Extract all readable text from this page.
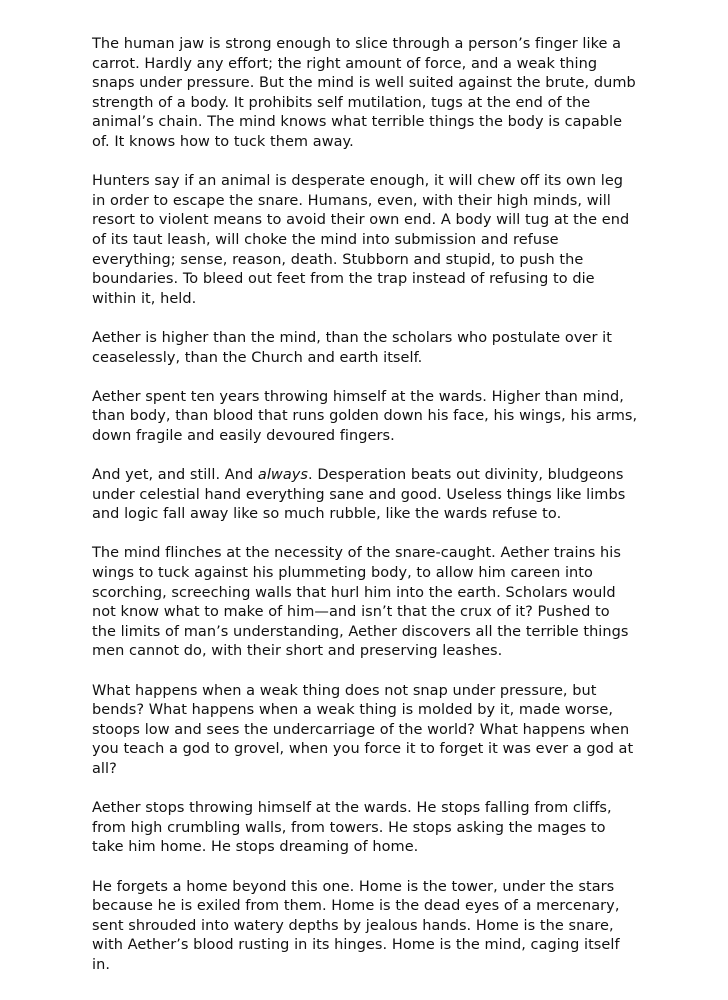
The human jaw is strong enough to slice through a person’s finger like a carrot. Hardly any effort; the right amount of force, and a weak thing snaps under pressure. But the mind is well suited against the brute, dumb strength of a body. It prohibits self mutilation, tugs at the end of the animal’s chain. The mind knows what terrible things the body is capable of. It knows how to tuck them away.

Hunters say if an animal is desperate enough, it will chew off its own leg in order to escape the snare. Humans, even, with their high minds, will resort to violent means to avoid their own end. A body will tug at the end of its taut leash, will choke the mind into submission and refuse everything; sense, reason, death. Stubborn and stupid, to push the boundaries. To bleed out feet from the trap instead of refusing to die within it, held.

Aether is higher than the mind, than the scholars who postulate over it ceaselessly, than the Church and earth itself.

Aether spent ten years throwing himself at the wards. Higher than mind, than body, than blood that runs golden down his face, his wings, his arms, down fragile and easily devoured fingers.

And yet, and still. And always. Desperation beats out divinity, bludgeons under celestial hand everything sane and good. Useless things like limbs and logic fall away like so much rubble, like the wards refuse to.

The mind flinches at the necessity of the snare-caught. Aether trains his wings to tuck against his plummeting body, to allow him careen into scorching, screeching walls that hurl him into the earth. Scholars would not know what to make of him—and isn’t that the crux of it? Pushed to the limits of man’s understanding, Aether discovers all the terrible things men cannot do, with their short and preserving leashes.

What happens when a weak thing does not snap under pressure, but bends? What happens when a weak thing is molded by it, made worse, stoops low and sees the undercarriage of the world? What happens when you teach a god to grovel, when you force it to forget it was ever a god at all?

Aether stops throwing himself at the wards. He stops falling from cliffs, from high crumbling walls, from towers. He stops asking the mages to take him home. He stops dreaming of home.

He forgets a home beyond this one. Home is the tower, under the stars because he is exiled from them. Home is the dead eyes of a mercenary, sent shrouded into watery depths by jealous hands. Home is the snare, with Aether’s blood rusting in its hinges. Home is the mind, caging itself in.
